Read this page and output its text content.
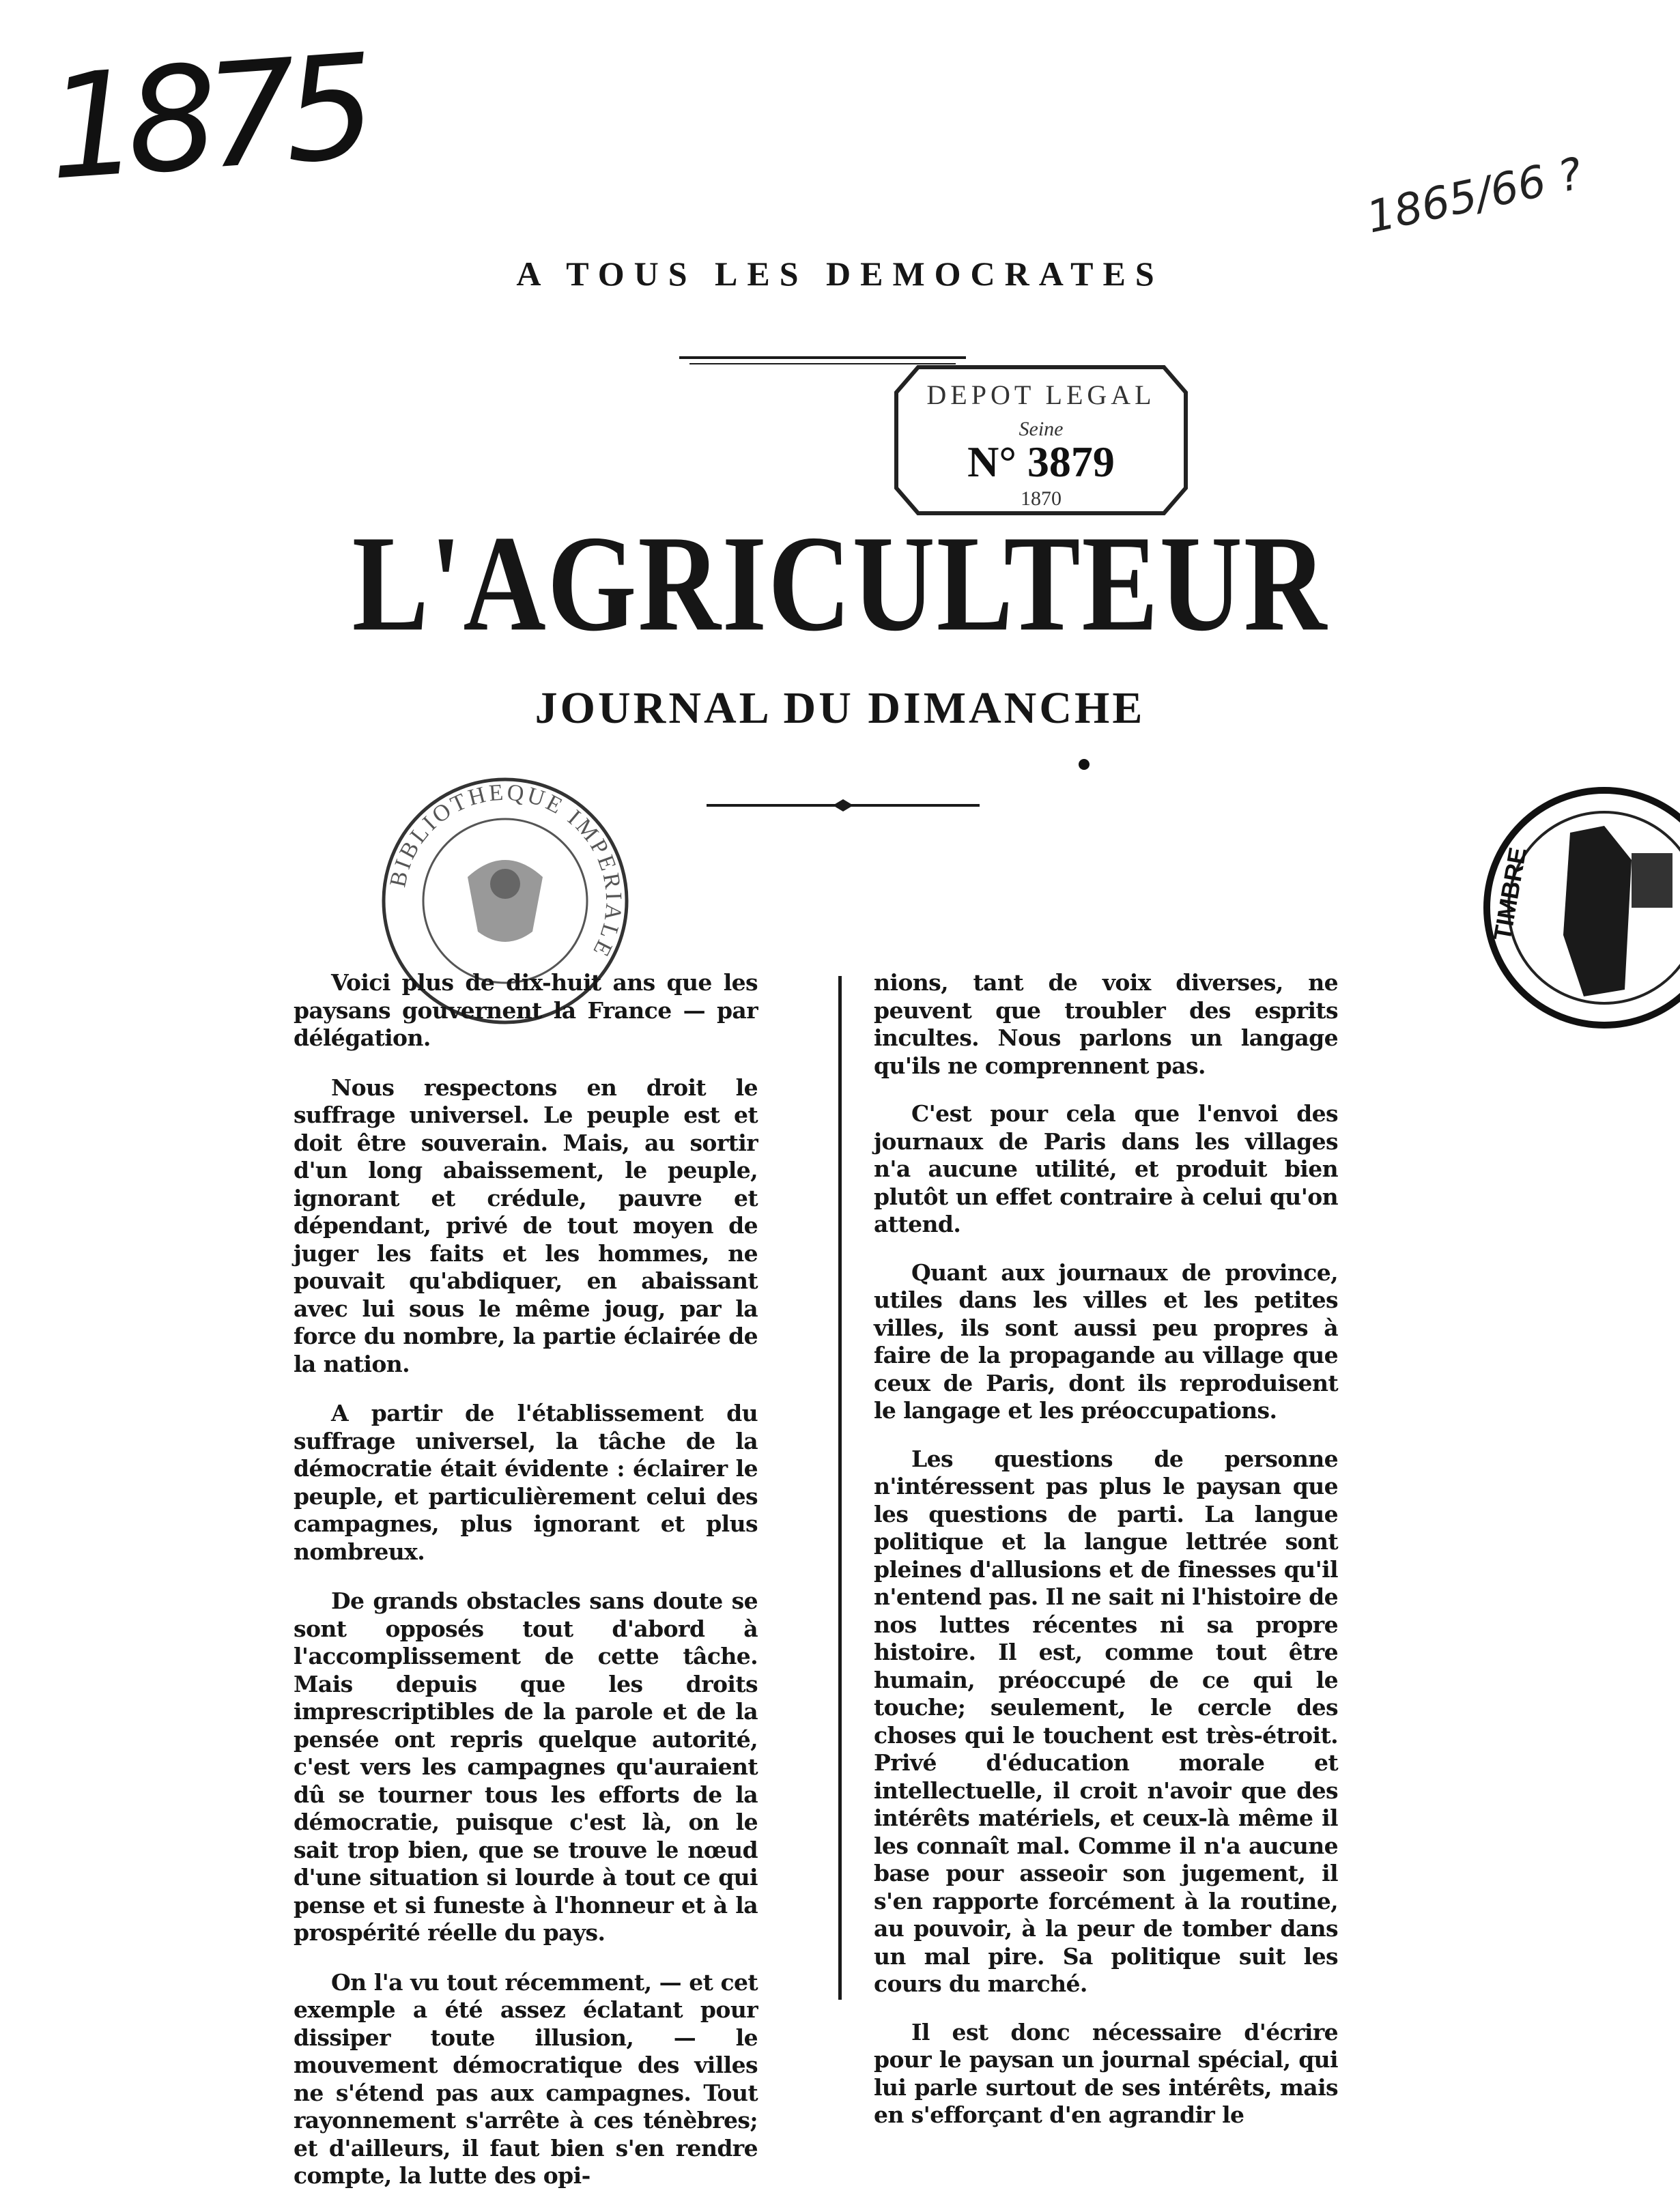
1875	1865/66 ?
A TOUS LES DEMOCRATES
DEPOT LEGAL
Seine
N° 3879
1870
L'AGRICULTEUR
JOURNAL DU DIMANCHE
BIBLIOTHEQUE IMPERIALE
TIMBRE

Voici plus de dix-huit ans que les paysans gouvernent la France — par délégation.

Nous respectons en droit le suffrage universel. Le peuple est et doit être souverain. Mais, au sortir d'un long abaissement, le peuple, ignorant et crédule, pauvre et dépendant, privé de tout moyen de juger les faits et les hommes, ne pouvait qu'abdiquer, en abaissant avec lui sous le même joug, par la force du nombre, la partie éclairée de la nation.

A partir de l'établissement du suffrage universel, la tâche de la démocratie était évidente : éclairer le peuple, et particulièrement celui des campagnes, plus ignorant et plus nombreux.

De grands obstacles sans doute se sont opposés tout d'abord à l'accomplissement de cette tâche. Mais depuis que les droits imprescriptibles de la parole et de la pensée ont repris quelque autorité, c'est vers les campagnes qu'auraient dû se tourner tous les efforts de la démocratie, puisque c'est là, on le sait trop bien, que se trouve le nœud d'une situation si lourde à tout ce qui pense et si funeste à l'honneur et à la prospérité réelle du pays.

On l'a vu tout récemment, — et cet exemple a été assez éclatant pour dissiper toute illusion, — le mouvement démocratique des villes ne s'étend pas aux campagnes. Tout rayonnement s'arrête à ces ténèbres; et d'ailleurs, il faut bien s'en rendre compte, la lutte des opi-

nions, tant de voix diverses, ne peuvent que troubler des esprits incultes. Nous parlons un langage qu'ils ne comprennent pas.

C'est pour cela que l'envoi des journaux de Paris dans les villages n'a aucune utilité, et produit bien plutôt un effet contraire à celui qu'on attend.

Quant aux journaux de province, utiles dans les villes et les petites villes, ils sont aussi peu propres à faire de la propagande au village que ceux de Paris, dont ils reproduisent le langage et les préoccupations.

Les questions de personne n'intéressent pas plus le paysan que les questions de parti. La langue politique et la langue lettrée sont pleines d'allusions et de finesses qu'il n'entend pas. Il ne sait ni l'histoire de nos luttes récentes ni sa propre histoire. Il est, comme tout être humain, préoccupé de ce qui le touche; seulement, le cercle des choses qui le touchent est très-étroit. Privé d'éducation morale et intellectuelle, il croit n'avoir que des intérêts matériels, et ceux-là même il les connaît mal. Comme il n'a aucune base pour asseoir son jugement, il s'en rapporte forcément à la routine, au pouvoir, à la peur de tomber dans un mal pire. Sa politique suit les cours du marché.

Il est donc nécessaire d'écrire pour le paysan un journal spécial, qui lui parle surtout de ses intérêts, mais en s'efforçant d'en agrandir le
